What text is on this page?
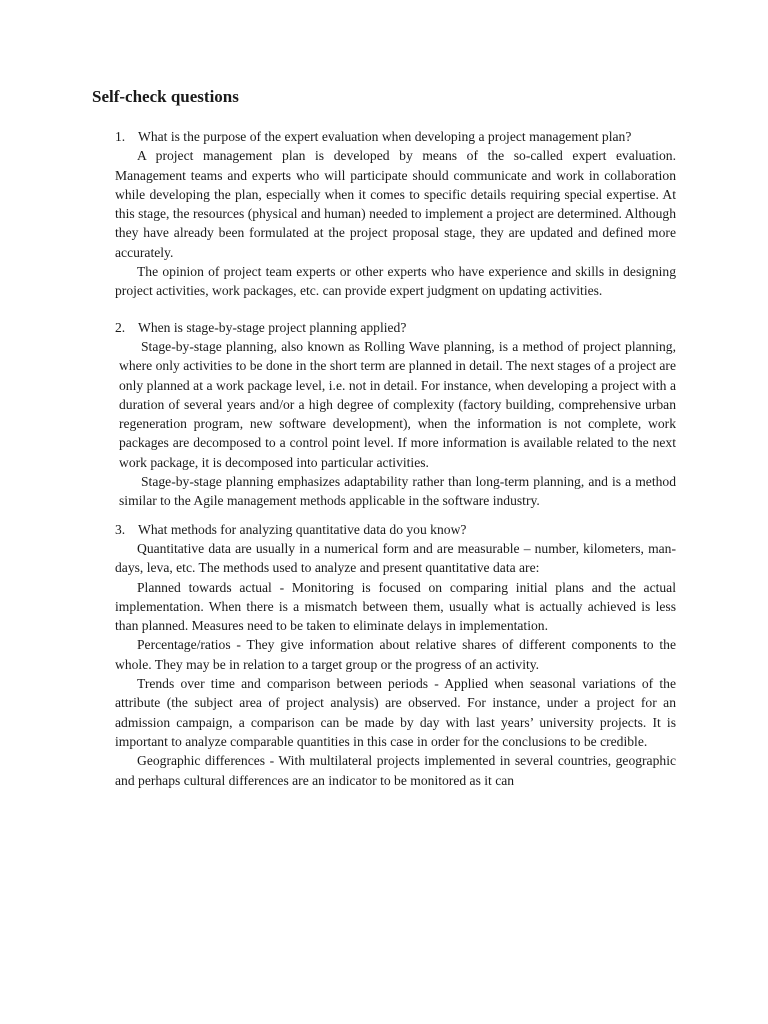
Self-check questions

1. What is the purpose of the expert evaluation when developing a project management plan?

A project management plan is developed by means of the so-called expert evaluation. Management teams and experts who will participate should communicate and work in collaboration while developing the plan, especially when it comes to specific details requiring special expertise. At this stage, the resources (physical and human) needed to implement a project are determined. Although they have already been formulated at the project proposal stage, they are updated and defined more accurately.

The opinion of project team experts or other experts who have experience and skills in designing project activities, work packages, etc. can provide expert judgment on updating activities.

2. When is stage-by-stage project planning applied?

Stage-by-stage planning, also known as Rolling Wave planning, is a method of project planning, where only activities to be done in the short term are planned in detail. The next stages of a project are only planned at a work package level, i.e. not in detail. For instance, when developing a project with a duration of several years and/or a high degree of complexity (factory building, comprehensive urban regeneration program, new software development), when the information is not complete, work packages are decomposed to a control point level. If more information is available related to the next work package, it is decomposed into particular activities.

Stage-by-stage planning emphasizes adaptability rather than long-term planning, and is a method similar to the Agile management methods applicable in the software industry.

3. What methods for analyzing quantitative data do you know?

Quantitative data are usually in a numerical form and are measurable – number, kilometers, man-days, leva, etc. The methods used to analyze and present quantitative data are:

Planned towards actual - Monitoring is focused on comparing initial plans and the actual implementation. When there is a mismatch between them, usually what is actually achieved is less than planned. Measures need to be taken to eliminate delays in implementation.

Percentage/ratios - They give information about relative shares of different components to the whole. They may be in relation to a target group or the progress of an activity.

Trends over time and comparison between periods - Applied when seasonal variations of the attribute (the subject area of project analysis) are observed. For instance, under a project for an admission campaign, a comparison can be made by day with last years’ university projects. It is important to analyze comparable quantities in this case in order for the conclusions to be credible.

Geographic differences - With multilateral projects implemented in several countries, geographic and perhaps cultural differences are an indicator to be monitored as it can
